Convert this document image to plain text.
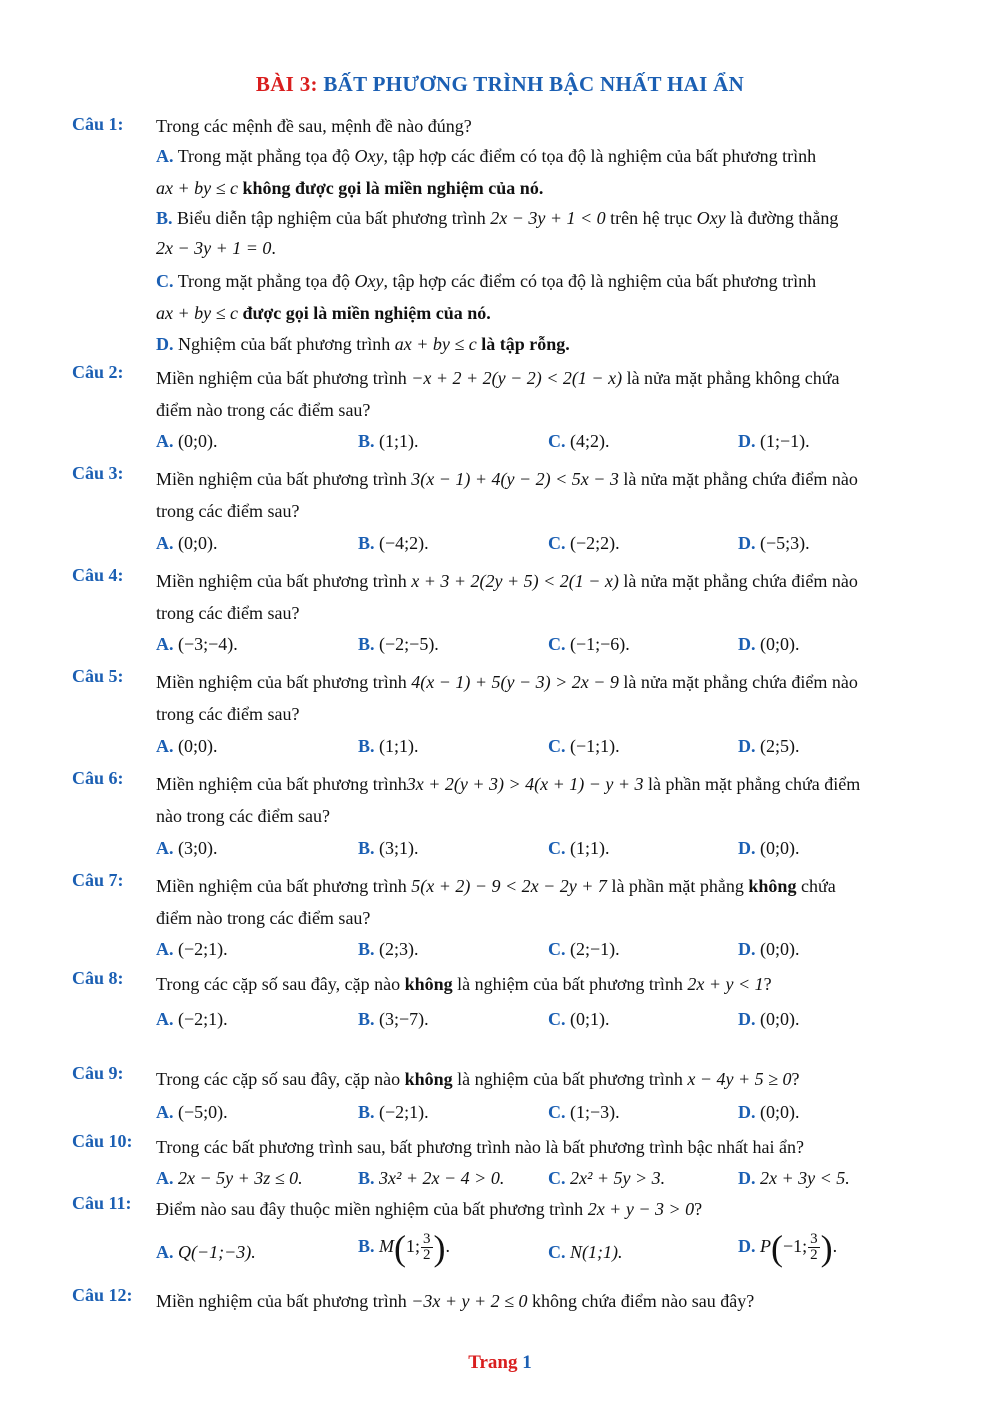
BÀI 3: BẤT PHƯƠNG TRÌNH BẬC NHẤT HAI ẨN
Câu 1: Trong các mệnh đề sau, mệnh đề nào đúng?
A. Trong mặt phẳng tọa độ Oxy, tập hợp các điểm có tọa độ là nghiệm của bất phương trình
ax + by ≤ c không được gọi là miền nghiệm của nó.
B. Biểu diễn tập nghiệm của bất phương trình 2x − 3y + 1 < 0 trên hệ trục Oxy là đường thẳng
2x − 3y + 1 = 0.
C. Trong mặt phẳng tọa độ Oxy, tập hợp các điểm có tọa độ là nghiệm của bất phương trình
ax + by ≤ c được gọi là miền nghiệm của nó.
D. Nghiệm của bất phương trình ax + by ≤ c là tập rỗng.
Câu 2: Miền nghiệm của bất phương trình −x + 2 + 2(y − 2) < 2(1 − x) là nửa mặt phẳng không chứa
điểm nào trong các điểm sau?
A. (0;0).	B. (1;1).	C. (4;2).	D. (1;−1).
Câu 3: Miền nghiệm của bất phương trình 3(x − 1) + 4(y − 2) < 5x − 3 là nửa mặt phẳng chứa điểm nào
trong các điểm sau?
A. (0;0).	B. (−4;2).	C. (−2;2).	D. (−5;3).
Câu 4: Miền nghiệm của bất phương trình x + 3 + 2(2y + 5) < 2(1 − x) là nửa mặt phẳng chứa điểm nào
trong các điểm sau?
A. (−3;−4).	B. (−2;−5).	C. (−1;−6).	D. (0;0).
Câu 5: Miền nghiệm của bất phương trình 4(x − 1) + 5(y − 3) > 2x − 9 là nửa mặt phẳng chứa điểm nào
trong các điểm sau?
A. (0;0).	B. (1;1).	C. (−1;1).	D. (2;5).
Câu 6: Miền nghiệm của bất phương trình3x + 2(y + 3) > 4(x + 1) − y + 3 là phần mặt phẳng chứa điểm
nào trong các điểm sau?
A. (3;0).	B. (3;1).	C. (1;1).	D. (0;0).
Câu 7: Miền nghiệm của bất phương trình 5(x + 2) − 9 < 2x − 2y + 7 là phần mặt phẳng không chứa
điểm nào trong các điểm sau?
A. (−2;1).	B. (2;3).	C. (2;−1).	D. (0;0).
Câu 8: Trong các cặp số sau đây, cặp nào không là nghiệm của bất phương trình 2x + y < 1?
A. (−2;1).	B. (3;−7).	C. (0;1).	D. (0;0).
Câu 9: Trong các cặp số sau đây, cặp nào không là nghiệm của bất phương trình x − 4y + 5 ≥ 0?
A. (−5;0).	B. (−2;1).	C. (1;−3).	D. (0;0).
Câu 10: Trong các bất phương trình sau, bất phương trình nào là bất phương trình bậc nhất hai ẩn?
A. 2x − 5y + 3z ≤ 0.	B. 3x² + 2x − 4 > 0. C. 2x² + 5y > 3.	D. 2x + 3y < 5.
Câu 11: Điểm nào sau đây thuộc miền nghiệm của bất phương trình 2x + y − 3 > 0?
A. Q(−1;−3).	B. M(1; $\frac{3}{2}$ ).	C. N(1;1).	D. P(−1; $\frac{3}{2}$ ).
Câu 12: Miền nghiệm của bất phương trình −3x + y + 2 ≤ 0 không chứa điểm nào sau đây?
Trang 1
